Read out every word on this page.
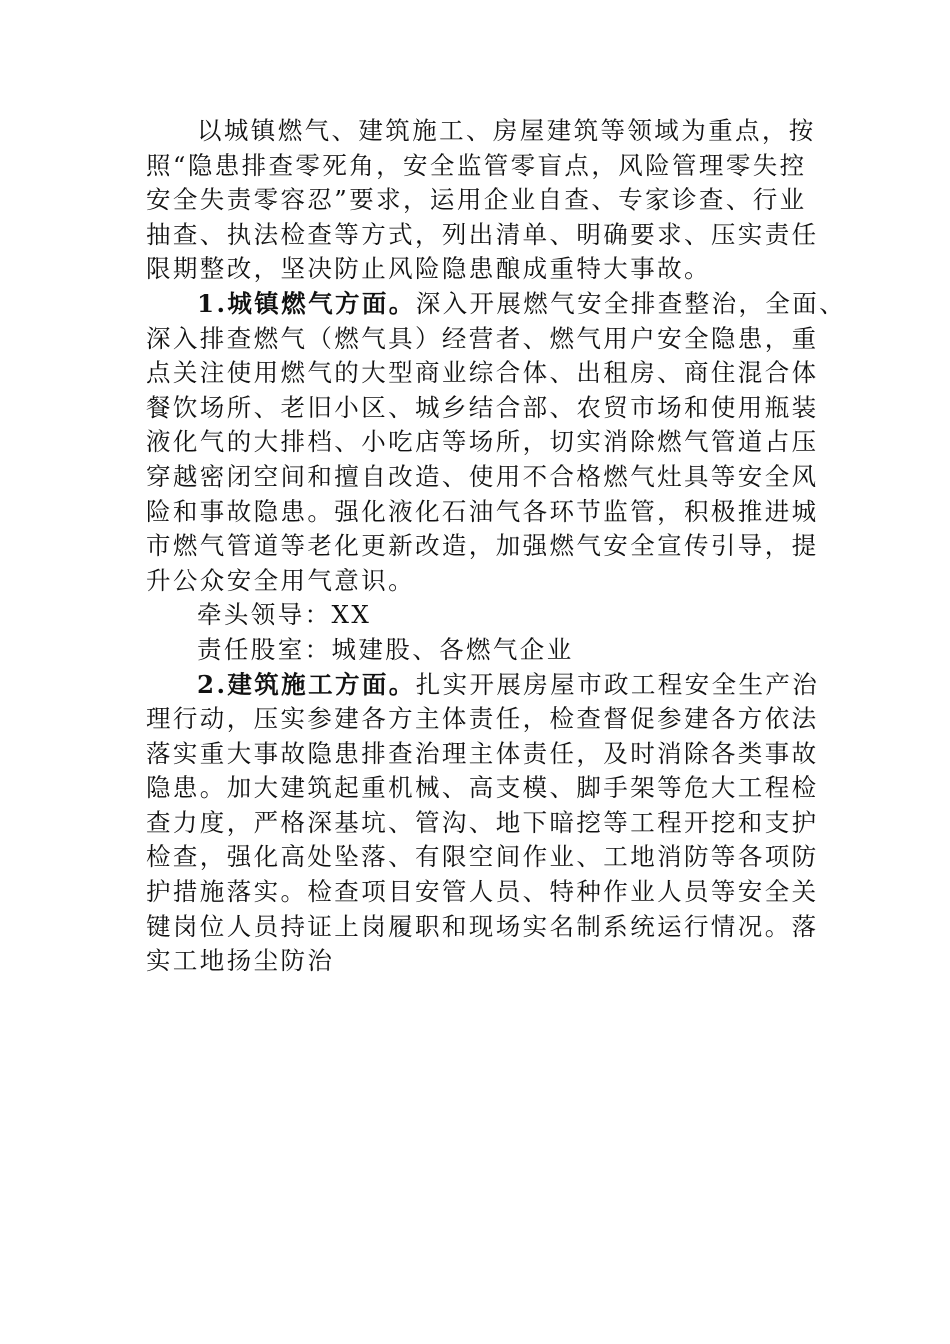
以城镇燃气、建筑施工、房屋建筑等领域为重点，按
照“隐患排查零死角，安全监管零盲点，风险管理零失控
安全失责零容忍”要求，运用企业自查、专家诊查、行业
抽查、执法检查等方式，列出清单、明确要求、压实责任
限期整改，坚决防止风险隐患酿成重特大事故。
1.城镇燃气方面。深入开展燃气安全排查整治，全面、
深入排查燃气（燃气具）经营者、燃气用户安全隐患，重
点关注使用燃气的大型商业综合体、出租房、商住混合体
餐饮场所、老旧小区、城乡结合部、农贸市场和使用瓶装
液化气的大排档、小吃店等场所，切实消除燃气管道占压
穿越密闭空间和擅自改造、使用不合格燃气灶具等安全风
险和事故隐患。强化液化石油气各环节监管，积极推进城
市燃气管道等老化更新改造，加强燃气安全宣传引导，提
升公众安全用气意识。
牵头领导：XX
责任股室：城建股、各燃气企业
2.建筑施工方面。扎实开展房屋市政工程安全生产治
理行动，压实参建各方主体责任，检查督促参建各方依法
落实重大事故隐患排查治理主体责任，及时消除各类事故
隐患。加大建筑起重机械、高支模、脚手架等危大工程检
查力度，严格深基坑、管沟、地下暗挖等工程开挖和支护
检查，强化高处坠落、有限空间作业、工地消防等各项防
护措施落实。检查项目安管人员、特种作业人员等安全关
键岗位人员持证上岗履职和现场实名制系统运行情况。落
实工地扬尘防治
